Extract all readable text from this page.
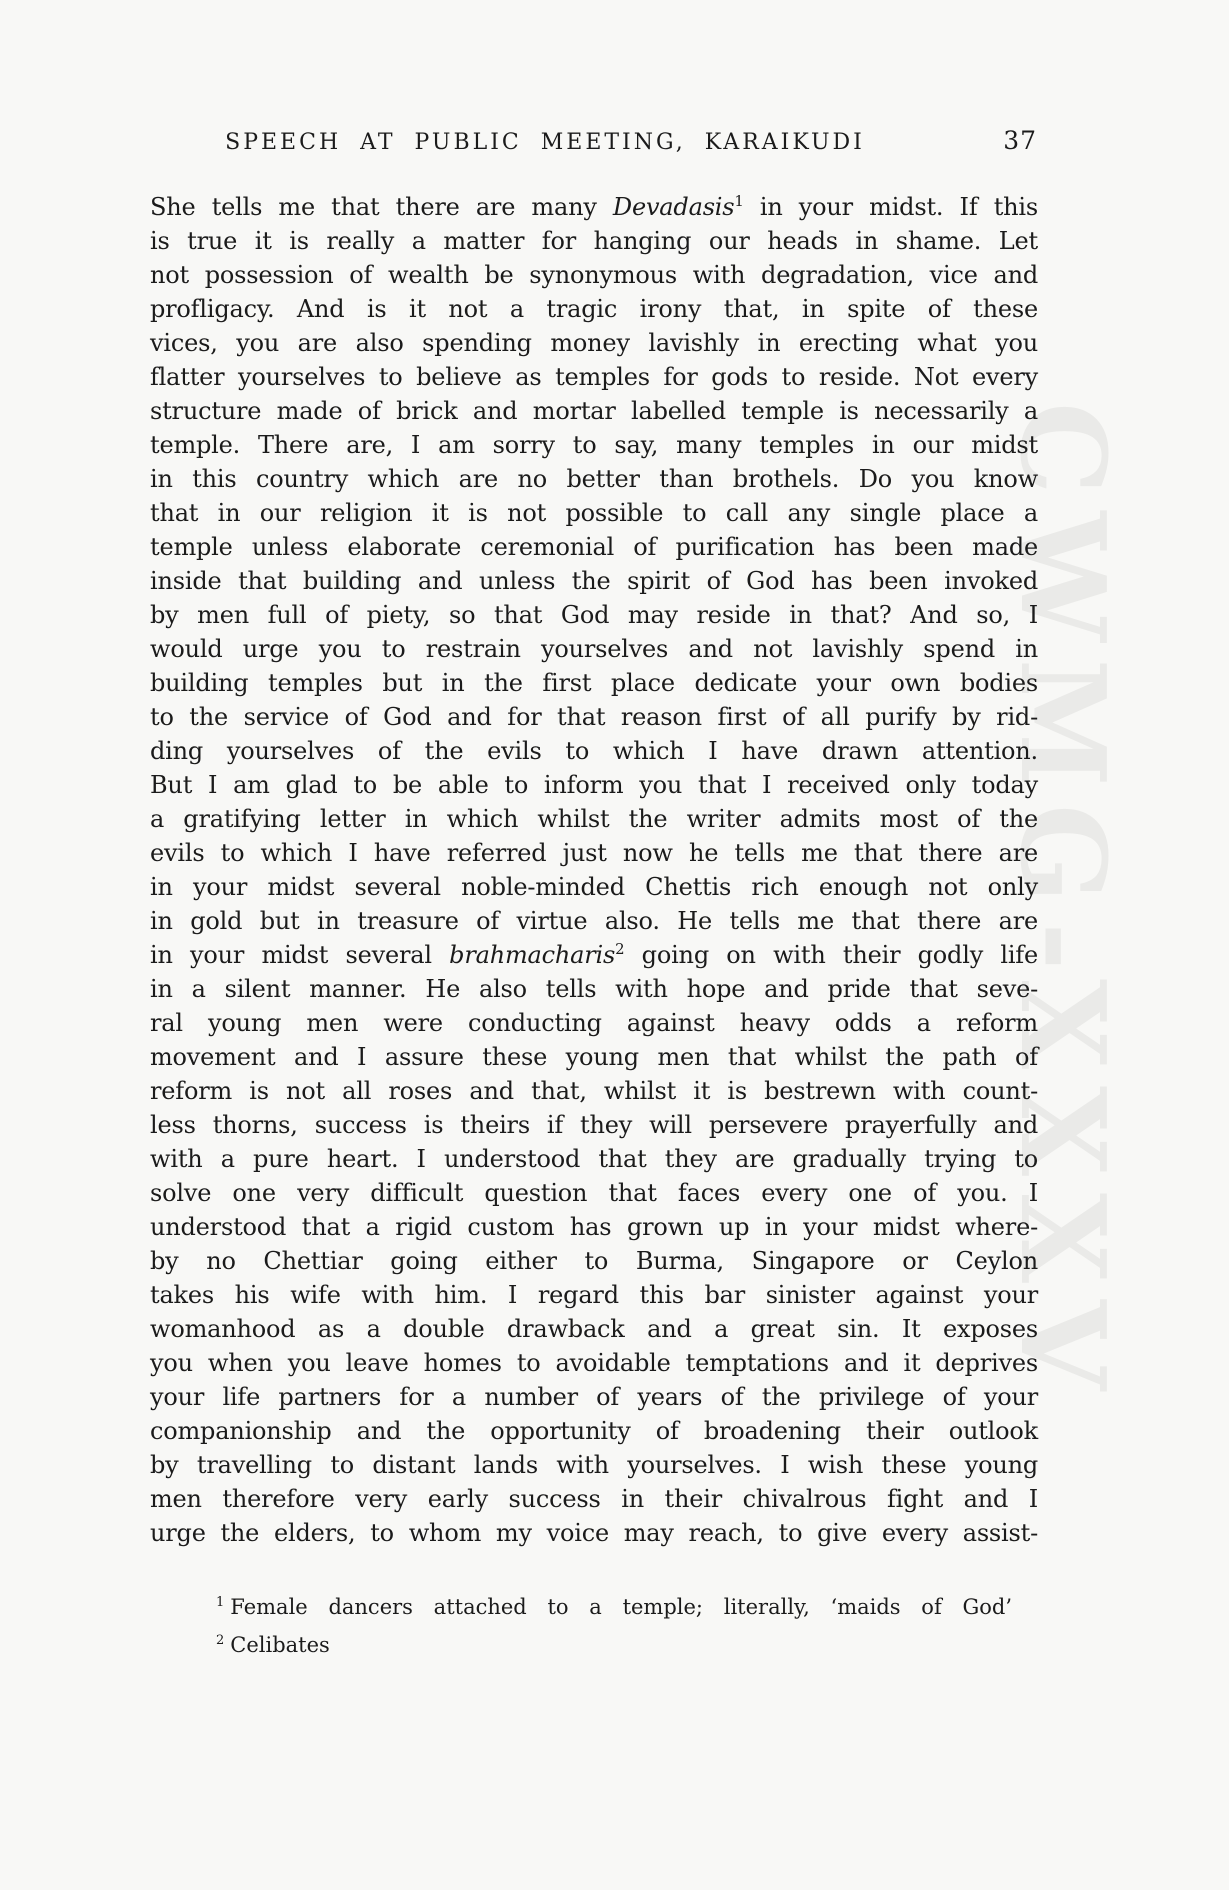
CWMG-XXXV
SPEECH AT PUBLIC MEETING, KARAIKUDI	37
She tells me that there are many Devadasis$^1$ in your midst. If this
is true it is really a matter for hanging our heads in shame. Let
not possession of wealth be synonymous with degradation, vice and
profligacy. And is it not a tragic irony that, in spite of these
vices, you are also spending money lavishly in erecting what you
flatter yourselves to believe as temples for gods to reside. Not every
structure made of brick and mortar labelled temple is necessarily a
temple. There are, I am sorry to say, many temples in our midst
in this country which are no better than brothels. Do you know
that in our religion it is not possible to call any single place a
temple unless elaborate ceremonial of purification has been made
inside that building and unless the spirit of God has been invoked
by men full of piety, so that God may reside in that? And so, I
would urge you to restrain yourselves and not lavishly spend in
building temples but in the first place dedicate your own bodies
to the service of God and for that reason first of all purify by rid-
ding yourselves of the evils to which I have drawn attention.
But I am glad to be able to inform you that I received only today
a gratifying letter in which whilst the writer admits most of the
evils to which I have referred just now he tells me that there are
in your midst several noble-minded Chettis rich enough not only
in gold but in treasure of virtue also. He tells me that there are
in your midst several brahmacharis$^2$ going on with their godly life
in a silent manner. He also tells with hope and pride that seve-
ral young men were conducting against heavy odds a reform
movement and I assure these young men that whilst the path of
reform is not all roses and that, whilst it is bestrewn with count-
less thorns, success is theirs if they will persevere prayerfully and
with a pure heart. I understood that they are gradually trying to
solve one very difficult question that faces every one of you. I
understood that a rigid custom has grown up in your midst where-
by no Chettiar going either to Burma, Singapore or Ceylon
takes his wife with him. I regard this bar sinister against your
womanhood as a double drawback and a great sin. It exposes
you when you leave homes to avoidable temptations and it deprives
your life partners for a number of years of the privilege of your
companionship and the opportunity of broadening their outlook
by travelling to distant lands with yourselves. I wish these young
men therefore very early success in their chivalrous fight and I
urge the elders, to whom my voice may reach, to give every assist-
$^1$ Female dancers attached to a temple; literally, ‘maids of God’
$^2$ Celibates
